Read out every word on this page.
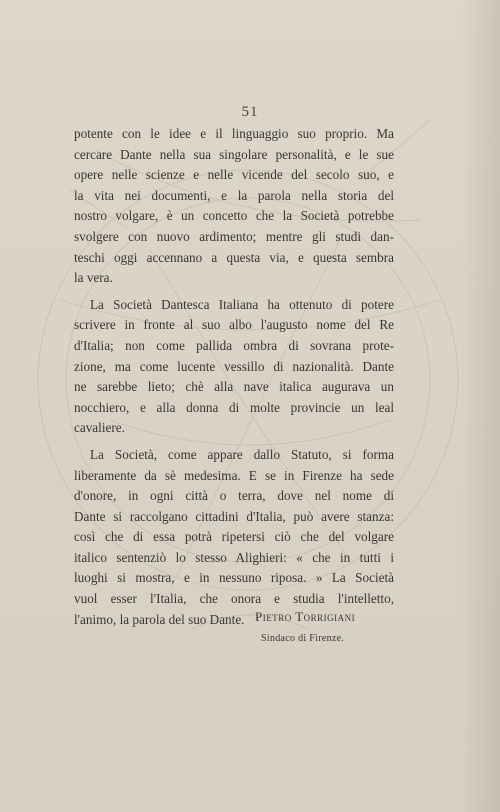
51
potente con le idee e il linguaggio suo proprio. Ma
cercare Dante nella sua singolare personalità, e le sue
opere nelle scienze e nelle vicende del secolo suo, e
la vita nei documenti, e la parola nella storia del
nostro volgare, è un concetto che la Società potrebbe
svolgere con nuovo ardimento; mentre gli studi dan-
teschi oggi accennano a questa via, e questa sembra
la vera.
La Società Dantesca Italiana ha ottenuto di potere
scrivere in fronte al suo albo l'augusto nome del Re
d'Italia; non come pallida ombra di sovrana prote-
zione, ma come lucente vessillo di nazionalità. Dante
ne sarebbe lieto; chè alla nave italica augurava un
nocchiero, e alla donna di molte provincie un leal
cavaliere.
La Società, come appare dallo Statuto, si forma
liberamente da sè medesima. E se in Firenze ha sede
d'onore, in ogni città o terra, dove nel nome di
Dante si raccolgano cittadini d'Italia, può avere stanza:
così che di essa potrà ripetersi ciò che del volgare
italico sentenziò lo stesso Alighieri: « che in tutti i
luoghi si mostra, e in nessuno riposa. » La Società
vuol esser l'Italia, che onora e studia l'intelletto,
l'animo, la parola del suo Dante. Pietro Torrigiani
Sindaco di Firenze.
